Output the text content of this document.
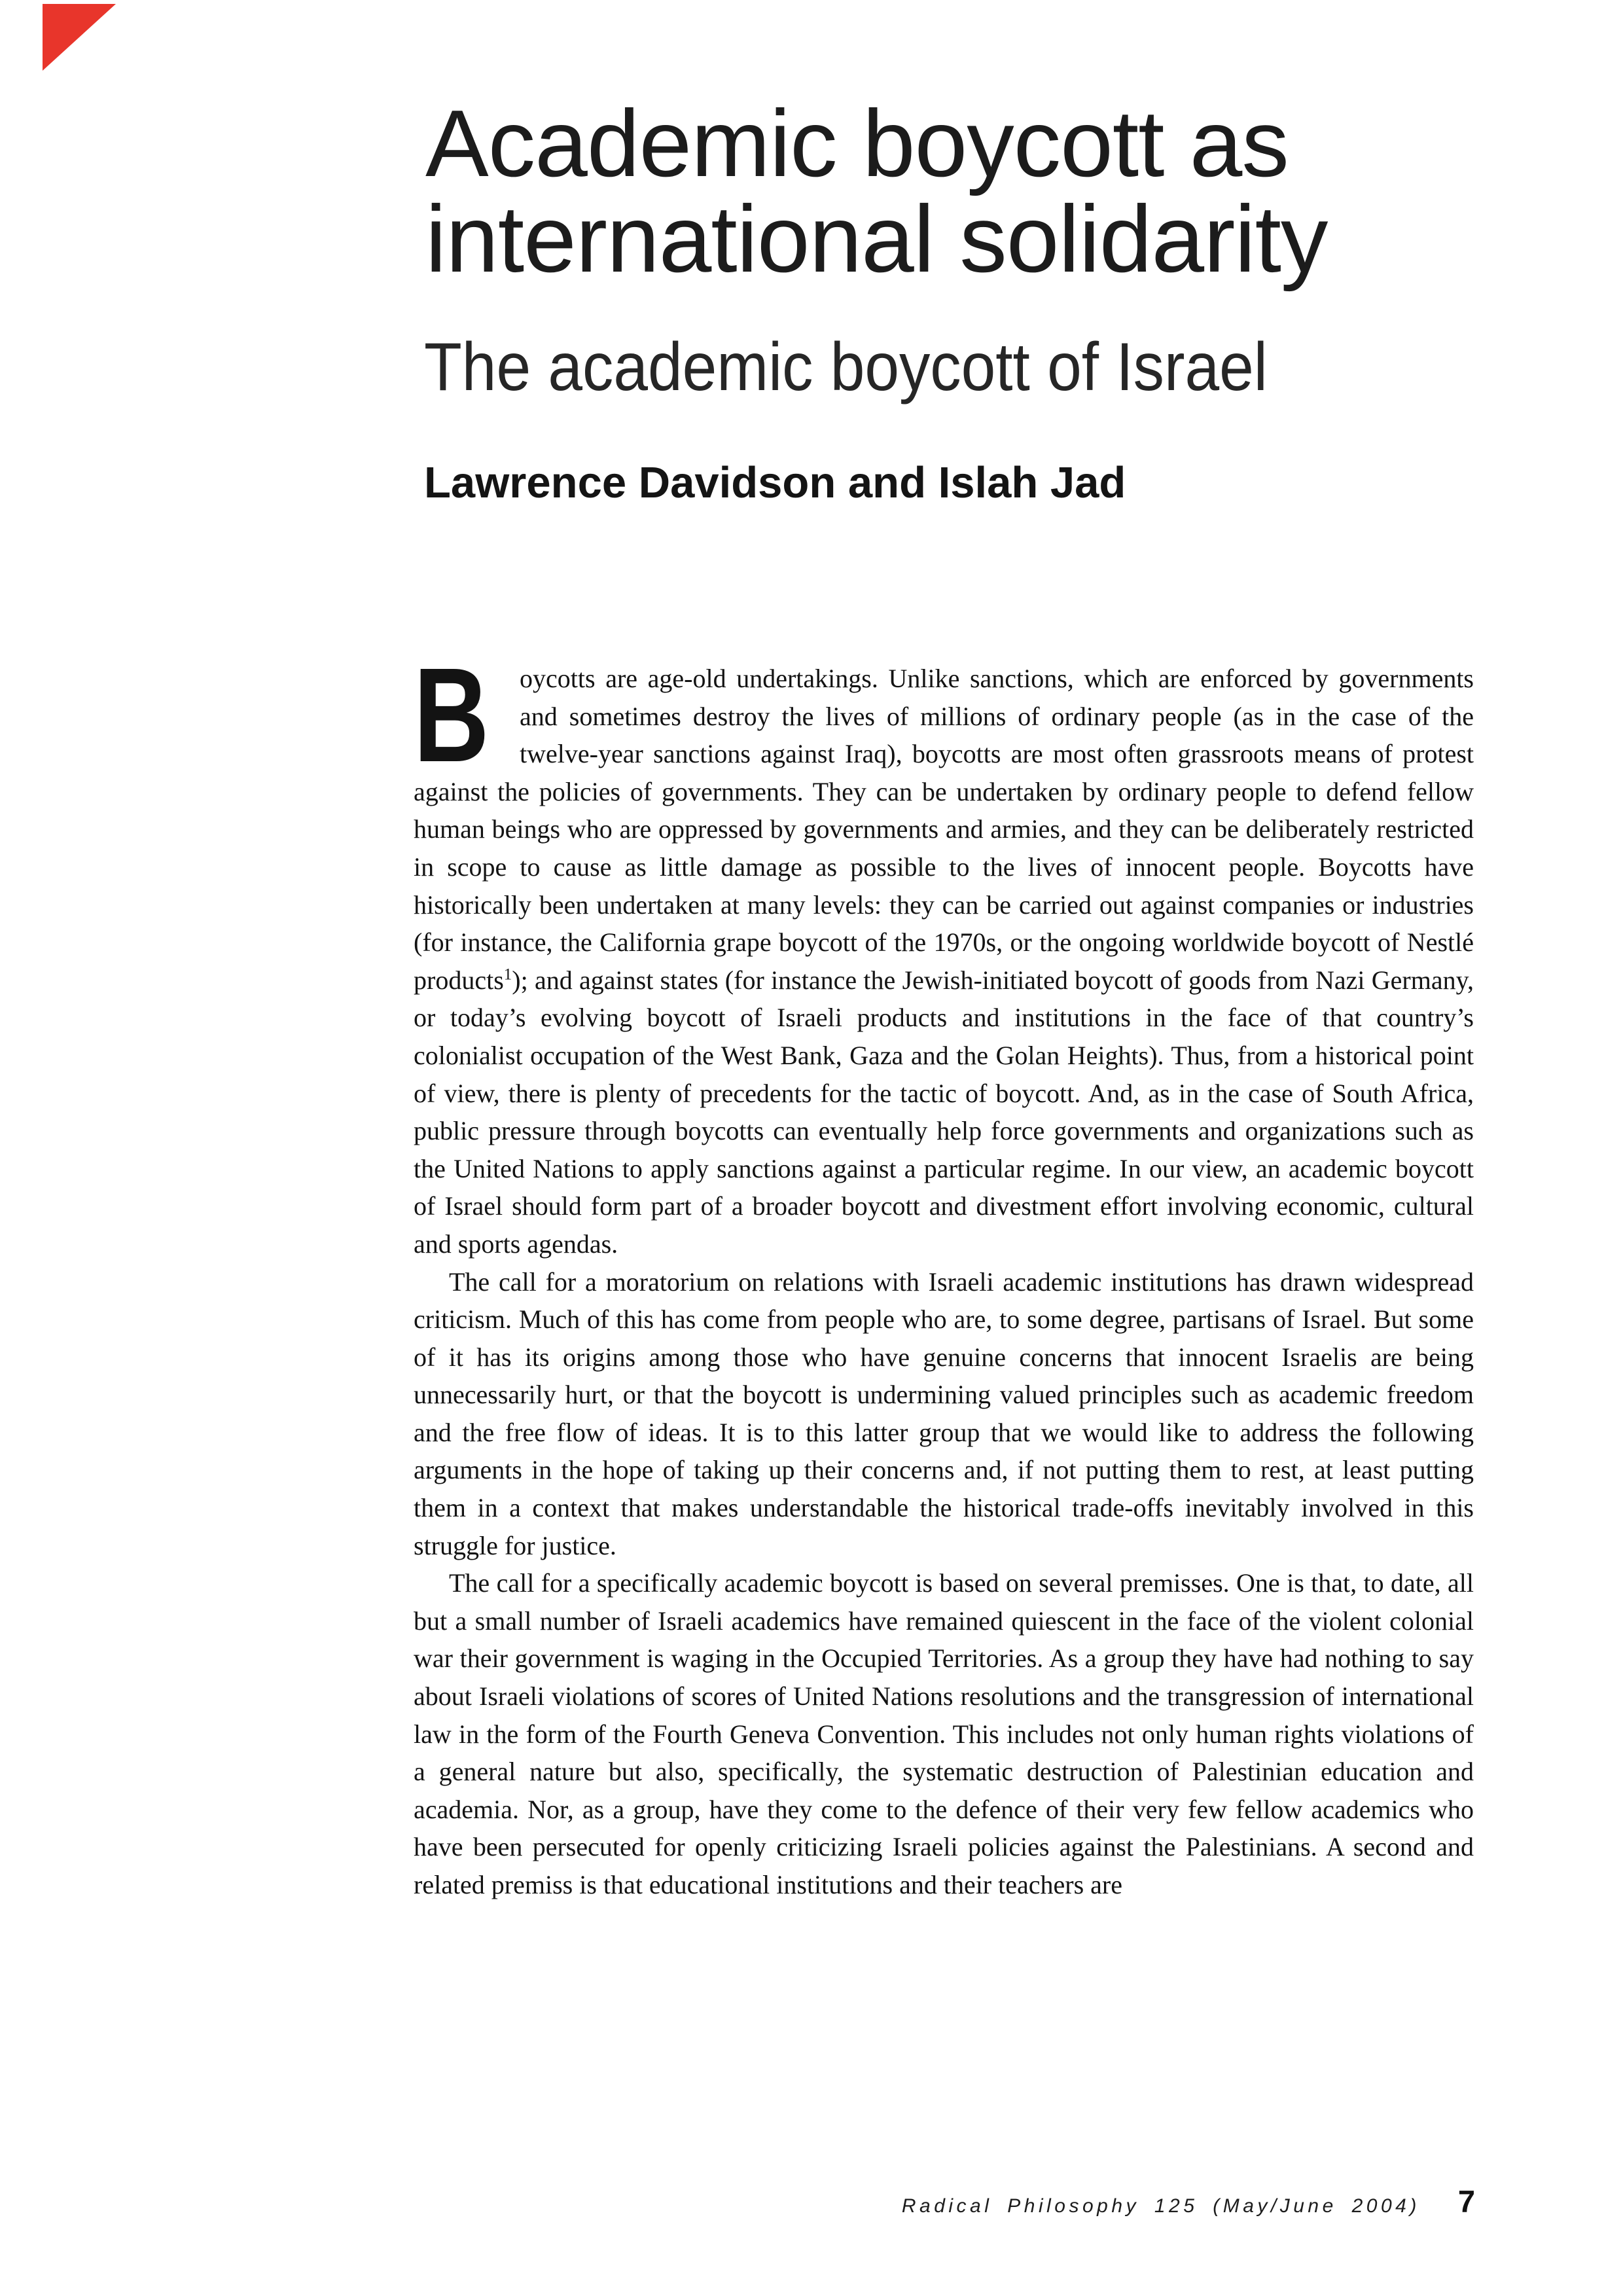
Academic boycott as
international solidarity
The academic boycott of Israel
Lawrence Davidson and Islah Jad

B oycotts are age-old undertakings. Unlike sanctions, which are enforced by governments and sometimes destroy the lives of millions of ordinary people (as in the case of the twelve-year sanctions against Iraq), boycotts are most often grassroots means of protest against the policies of governments. They can be undertaken by ordinary people to defend fellow human beings who are oppressed by governments and armies, and they can be deliberately restricted in scope to cause as little damage as possible to the lives of innocent people. Boycotts have historically been undertaken at many levels: they can be carried out against companies or industries (for instance, the California grape boycott of the 1970s, or the ongoing worldwide boycott of Nestlé products$^1$); and against states (for instance the Jewish-initiated boycott of goods from Nazi Germany, or today’s evolving boycott of Israeli products and institutions in the face of that country’s colonialist occupation of the West Bank, Gaza and the Golan Heights). Thus, from a historical point of view, there is plenty of precedents for the tactic of boycott. And, as in the case of South Africa, public pressure through boycotts can eventually help force governments and organizations such as the United Nations to apply sanctions against a particular regime. In our view, an academic boycott of Israel should form part of a broader boycott and divestment effort involving economic, cultural and sports agendas.

The call for a moratorium on relations with Israeli academic institutions has drawn widespread criticism. Much of this has come from people who are, to some degree, partisans of Israel. But some of it has its origins among those who have genuine concerns that innocent Israelis are being unnecessarily hurt, or that the boycott is undermining valued principles such as academic freedom and the free flow of ideas. It is to this latter group that we would like to address the following arguments in the hope of taking up their concerns and, if not putting them to rest, at least putting them in a context that makes understandable the historical trade-offs inevitably involved in this struggle for justice.

The call for a specifically academic boycott is based on several premisses. One is that, to date, all but a small number of Israeli academics have remained quiescent in the face of the violent colonial war their government is waging in the Occupied Territories. As a group they have had nothing to say about Israeli violations of scores of United Nations resolutions and the transgression of international law in the form of the Fourth Geneva Convention. This includes not only human rights violations of a general nature but also, specifically, the systematic destruction of Palestinian education and academia. Nor, as a group, have they come to the defence of their very few fellow academics who have been persecuted for openly criticizing Israeli policies against the Palestinians. A second and related premiss is that educational institutions and their teachers are

Radical Philosophy 125 (May/June 2004) 7
